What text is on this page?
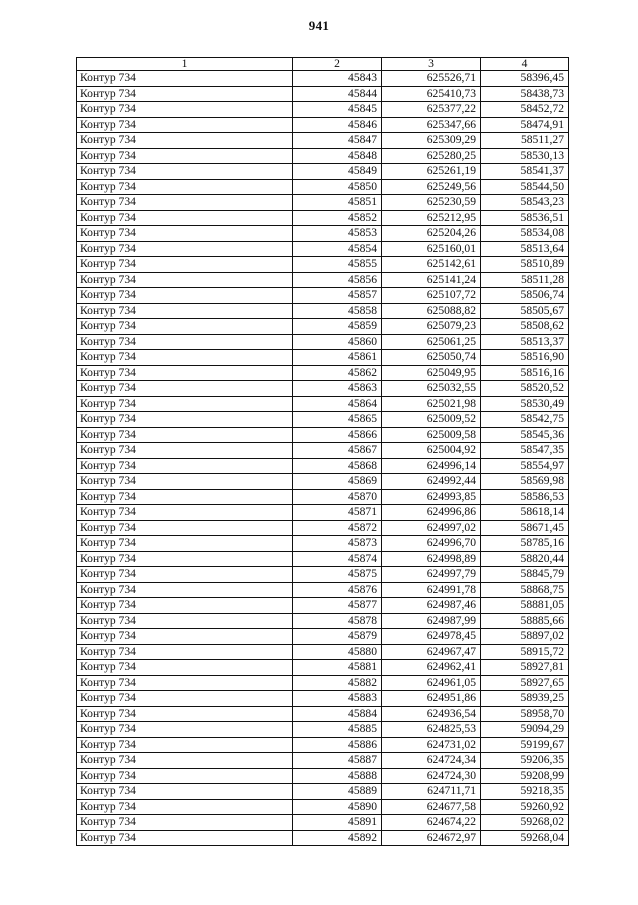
941
1	2	3	4
Контур 734	45843	625526,71	58396,45
Контур 734	45844	625410,73	58438,73
Контур 734	45845	625377,22	58452,72
Контур 734	45846	625347,66	58474,91
Контур 734	45847	625309,29	58511,27
Контур 734	45848	625280,25	58530,13
Контур 734	45849	625261,19	58541,37
Контур 734	45850	625249,56	58544,50
Контур 734	45851	625230,59	58543,23
Контур 734	45852	625212,95	58536,51
Контур 734	45853	625204,26	58534,08
Контур 734	45854	625160,01	58513,64
Контур 734	45855	625142,61	58510,89
Контур 734	45856	625141,24	58511,28
Контур 734	45857	625107,72	58506,74
Контур 734	45858	625088,82	58505,67
Контур 734	45859	625079,23	58508,62
Контур 734	45860	625061,25	58513,37
Контур 734	45861	625050,74	58516,90
Контур 734	45862	625049,95	58516,16
Контур 734	45863	625032,55	58520,52
Контур 734	45864	625021,98	58530,49
Контур 734	45865	625009,52	58542,75
Контур 734	45866	625009,58	58545,36
Контур 734	45867	625004,92	58547,35
Контур 734	45868	624996,14	58554,97
Контур 734	45869	624992,44	58569,98
Контур 734	45870	624993,85	58586,53
Контур 734	45871	624996,86	58618,14
Контур 734	45872	624997,02	58671,45
Контур 734	45873	624996,70	58785,16
Контур 734	45874	624998,89	58820,44
Контур 734	45875	624997,79	58845,79
Контур 734	45876	624991,78	58868,75
Контур 734	45877	624987,46	58881,05
Контур 734	45878	624987,99	58885,66
Контур 734	45879	624978,45	58897,02
Контур 734	45880	624967,47	58915,72
Контур 734	45881	624962,41	58927,81
Контур 734	45882	624961,05	58927,65
Контур 734	45883	624951,86	58939,25
Контур 734	45884	624936,54	58958,70
Контур 734	45885	624825,53	59094,29
Контур 734	45886	624731,02	59199,67
Контур 734	45887	624724,34	59206,35
Контур 734	45888	624724,30	59208,99
Контур 734	45889	624711,71	59218,35
Контур 734	45890	624677,58	59260,92
Контур 734	45891	624674,22	59268,02
Контур 734	45892	624672,97	59268,04
